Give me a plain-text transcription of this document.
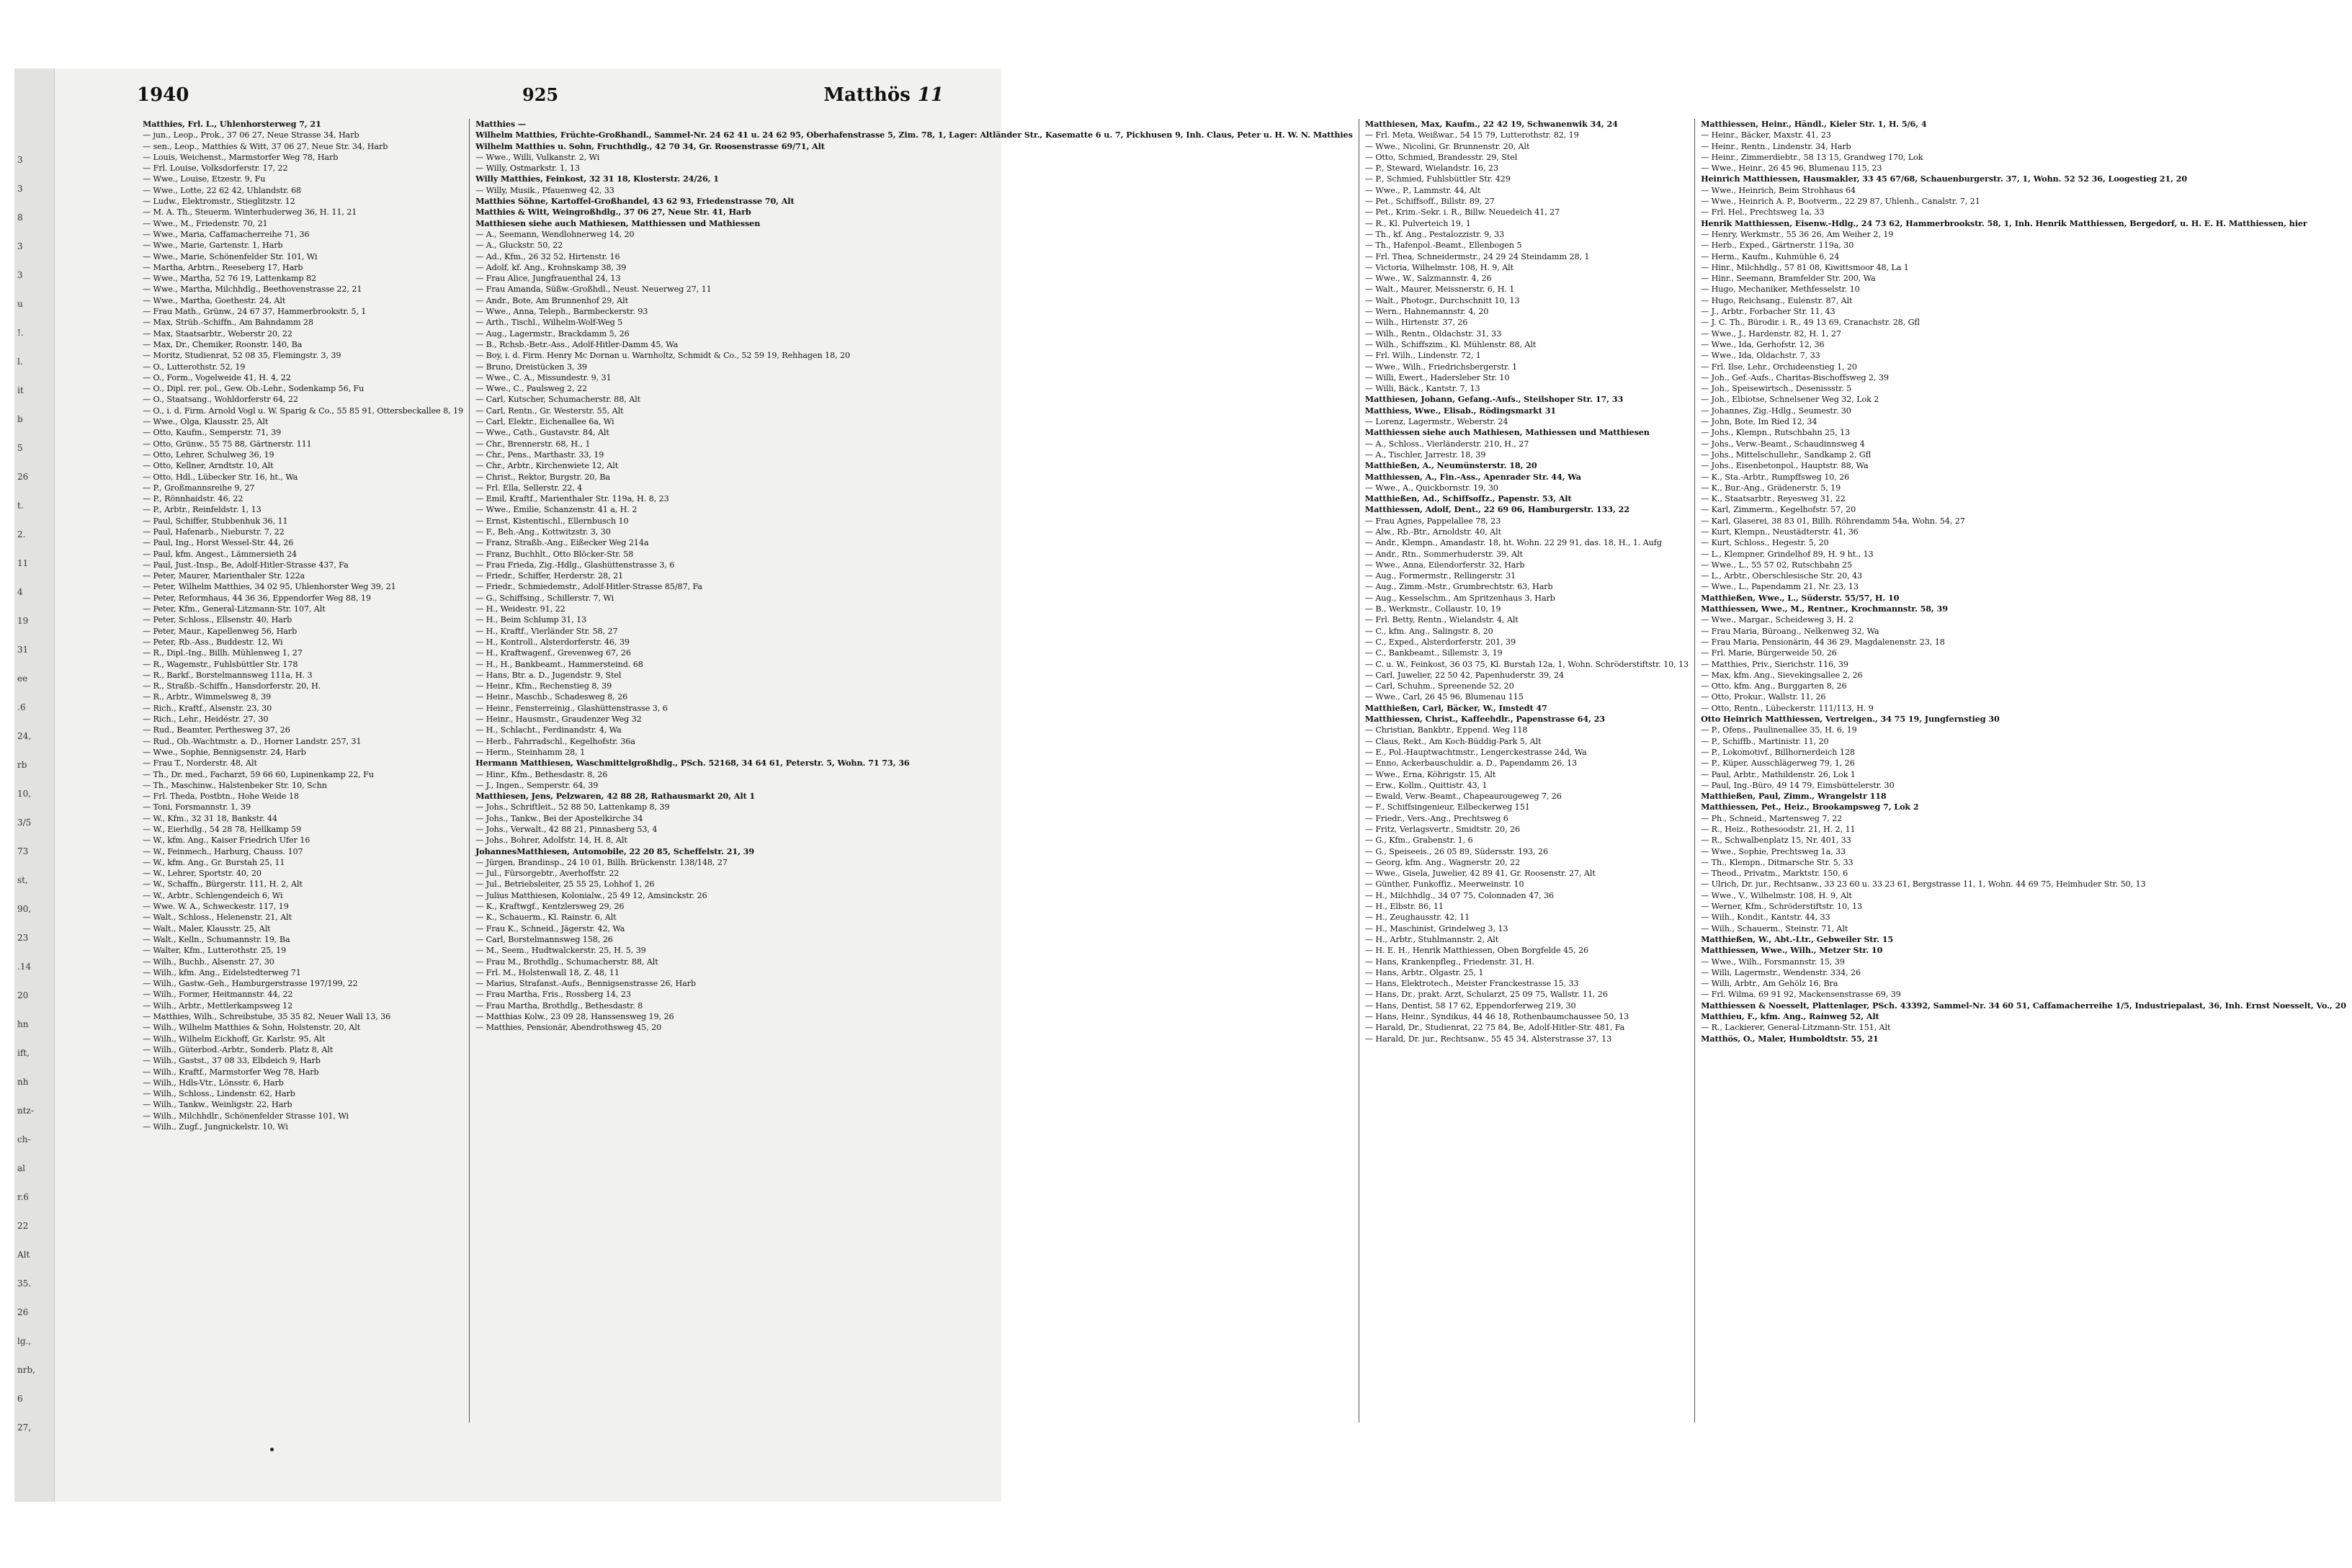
3
3
8
3
3
u
!.
l.
it
b
5
26
t.
2.
11
4
19
31
ee
.6
24,
rb
10,
3/5
73
st,
90,
23
.14
20
hn
ift,
nh
ntz-
ch-
al
r.6
22
Alt
35.
26
lg.,
nrb,
6
27,
1940	925	Matthös 11
Matthies, Frl. L., Uhlenhorsterweg 7, 21
— jun., Leop., Prok., 37 06 27, Neue Strasse 34, Harb
— sen., Leop., Matthies & Witt, 37 06 27, Neue Str. 34, Harb
— Louis, Weichenst., Marmstorfer Weg 78, Harb
— Frl. Louise, Volksdorferstr. 17, 22
— Wwe., Louise, Etzestr. 9, Fu
— Wwe., Lotte, 22 62 42, Uhlandstr. 68
— Ludw., Elektromstr., Stieglitzstr. 12
— M. A. Th., Steuerm. Winterhuderweg 36, H. 11, 21
— Wwe., M., Friedenstr. 70, 21
— Wwe., Maria, Caffamacherreihe 71, 36
— Wwe., Marie, Gartenstr. 1, Harb
— Wwe., Marie, Schönenfelder Str. 101, Wi
— Martha, Arbtrn., Reeseberg 17, Harb
— Wwe., Martha, 52 76 19, Lattenkamp 82
— Wwe., Martha, Milchhdlg., Beethovenstrasse 22, 21
— Wwe., Martha, Goethestr. 24, Alt
— Frau Math., Grünw., 24 67 37, Hammerbrookstr. 5, 1
— Max, Strüb.-Schiffn., Am Bahndamm 28
— Max, Staatsarbtr., Weberstr 20, 22
— Max, Dr., Chemiker, Roonstr. 140, Ba
— Moritz, Studienrat, 52 08 35, Flemingstr. 3, 39
— O., Lutterothstr. 52, 19
— O., Form., Vogelweide 41, H. 4, 22
— O., Dipl. rer. pol., Gew. Ob.-Lehr., Sodenkamp 56, Fu
— O., Staatsang., Wohldorferstr 64, 22
— O., i. d. Firm. Arnold Vogl u. W. Sparig & Co., 55 85 91, Ottersbeckallee 8, 19
— Wwe., Olga, Klausstr. 25, Alt
— Otto, Kaufm., Semperstr. 71, 39
— Otto, Grünw., 55 75 88, Gärtnerstr. 111
— Otto, Lehrer, Schulweg 36, 19
— Otto, Kellner, Arndtstr. 10, Alt
— Otto, Hdl., Lübecker Str. 16, ht., Wa
— P., Großmannsreihe 9, 27
— P., Rönnhaidstr. 46, 22
— P., Arbtr., Reinfeldstr. 1, 13
— Paul, Schiffer, Stubbenhuk 36, 11
— Paul, Hafenarb., Nieburstr. 7, 22
— Paul, Ing., Horst Wessel-Str. 44, 26
— Paul, kfm. Angest., Lämmersieth 24
— Paul, Just.-Insp., Be, Adolf-Hitler-Strasse 437, Fa
— Peter, Maurer, Marienthaler Str. 122a
— Peter, Wilhelm Matthies, 34 02 95, Uhlenhorster Weg 39, 21
— Peter, Reformhaus, 44 36 36, Eppendorfer Weg 88, 19
— Peter, Kfm., General-Litzmann-Str. 107, Alt
— Peter, Schloss., Ellsenstr. 40, Harb
— Peter, Maur., Kapellenweg 56, Harb
— Peter, Rb.-Ass., Buddestr. 12, Wi
— R., Dipl.-Ing., Billh. Mühlenweg 1, 27
— R., Wagemstr., Fuhlsbüttler Str. 178
— R., Barkf., Borstelmannsweg 111a, H. 3
— R., Straßb.-Schiffn., Hansdorferstr. 20, H.
— R., Arbtr., Wimmelsweg 8, 39
— Rich., Kraftf., Alsenstr. 23, 30
— Rich., Lehr., Heidéstr. 27, 30
— Rud., Beamter, Perthesweg 37, 26
— Rud., Ob.-Wachtmstr. a. D., Horner Landstr. 257, 31
— Wwe., Sophie, Bennigsenstr. 24, Harb
— Frau T., Norderstr. 48, Alt
— Th., Dr. med., Facharzt, 59 66 60, Lupinenkamp 22, Fu
— Th., Maschinw., Halstenbeker Str. 10, Schn
— Frl. Theda, Postbtn., Hohe Weide 18
— Toni, Forsmannstr. 1, 39
— W., Kfm., 32 31 18, Bankstr. 44
— W., Eierhdlg., 54 28 78, Hellkamp 59
— W., kfm. Ang., Kaiser Friedrich Ufer 16
— W., Feinmech., Harburg, Chauss. 107
— W., kfm. Ang., Gr. Burstah 25, 11
— W., Lehrer, Sportstr. 40, 20
— W., Schaffn., Bürgerstr. 111, H. 2, Alt
— W., Arbtr., Schlengendeich 6, Wi
— Wwe. W. A., Schweckestr. 117, 19
— Walt., Schloss., Helenenstr. 21, Alt
— Walt., Maler, Klausstr. 25, Alt
— Walt., Kelln., Schumannstr. 19, Ba
— Walter, Kfm., Lutterothstr. 25, 19
— Wilh., Buchb., Alsenstr. 27, 30
— Wilh., kfm. Ang., Eidelstedterweg 71
— Wilh., Gastw.-Geh., Hamburgerstrasse 197/199, 22
— Wilh., Former, Heitmannstr. 44, 22
— Wilh., Arbtr., Mettlerkampsweg 12
— Matthies, Wilh., Schreibstube, 35 35 82, Neuer Wall 13, 36
— Wilh., Wilhelm Matthies & Sohn, Holstenstr. 20, Alt
— Wilh., Wilhelm Eickhoff, Gr. Karlstr. 95, Alt
— Wilh., Güterbod.-Arbtr., Sonderb. Platz 8, Alt
— Wilh., Gastst., 37 08 33, Elbdeich 9, Harb
— Wilh., Kraftf., Marmstorfer Weg 78, Harb
— Wilh., Hdls-Vtr., Lönsstr. 6, Harb
— Wilh., Schloss., Lindenstr. 62, Harb
— Wilh., Tankw., Weinligstr. 22, Harb
— Wilh., Milchhdlr., Schönenfelder Strasse 101, Wi
— Wilh., Zugf., Jungnickelstr. 10, Wi
Matthies —
Wilhelm Matthies, Früchte-Großhandl., Sammel-Nr. 24 62 41 u. 24 62 95, Oberhafenstrasse 5, Zim. 78, 1, Lager: Altländer Str., Kasematte 6 u. 7, Pickhusen 9, Inh. Claus, Peter u. H. W. N. Matthies
Wilhelm Matthies u. Sohn, Fruchthdlg., 42 70 34, Gr. Roosenstrasse 69/71, Alt
— Wwe., Willi, Vulkanstr. 2, Wi
— Willy, Ostmarkstr. 1, 13
Willy Matthies, Feinkost, 32 31 18, Klosterstr. 24/26, 1
— Willy, Musik., Pfauenweg 42, 33
Matthies Söhne, Kartoffel-Großhandel, 43 62 93, Friedenstrasse 70, Alt
Matthies & Witt, Weingroßhdlg., 37 06 27, Neue Str. 41, Harb
Matthiesen siehe auch Mathiesen, Matthiessen und Mathiessen
— A., Seemann, Wendlohnerweg 14, 20
— A., Gluckstr. 50, 22
— Ad., Kfm., 26 32 52, Hirtenstr. 16
— Adolf, kf. Ang., Krohnskamp 38, 39
— Frau Alice, Jungfrauenthal 24, 13
— Frau Amanda, Süßw.-Großhdl., Neust. Neuerweg 27, 11
— Andr., Bote, Am Brunnenhof 29, Alt
— Wwe., Anna, Teleph., Barmbeckerstr. 93
— Arth., Tischl., Wilhelm-Wolf-Weg 5
— Aug., Lagermstr., Brackdamm 5, 26
— B., Rchsb.-Betr.-Ass., Adolf-Hitler-Damm 45, Wa
— Boy, i. d. Firm. Henry Mc Dornan u. Warnholtz, Schmidt & Co., 52 59 19, Rehhagen 18, 20
— Bruno, Dreistücken 3, 39
— Wwe., C. A., Missundestr. 9, 31
— Wwe., C., Paulsweg 2, 22
— Carl, Kutscher, Schumacherstr. 88, Alt
— Carl, Rentn., Gr. Westerstr. 55, Alt
— Carl, Elektr., Eichenallee 6a, Wi
— Wwe., Cath., Gustavstr. 84, Alt
— Chr., Brennerstr. 68, H., 1
— Chr., Pens., Marthastr. 33, 19
— Chr., Arbtr., Kirchenwiete 12, Alt
— Christ., Rektor, Burgstr. 20, Ba
— Frl. Ella, Sellerstr. 22, 4
— Emil, Kraftf., Marienthaler Str. 119a, H. 8, 23
— Wwe., Emilie, Schanzenstr. 41 a, H. 2
— Ernst, Kistentischl., Ellernbusch 10
— F., Beh.-Ang., Kottwitzstr. 3, 30
— Franz, Straßb.-Ang., Eißecker Weg 214a
— Franz, Buchhlt., Otto Blöcker-Str. 58
— Frau Frieda, Zig.-Hdlg., Glashüttenstrasse 3, 6
— Friedr., Schiffer, Herderstr. 28, 21
— Friedr., Schmiedemstr., Adolf-Hitler-Strasse 85/87, Fa
— G., Schiffsing., Schillerstr. 7, Wi
— H., Weidestr. 91, 22
— H., Beim Schlump 31, 13
— H., Kraftf., Vierländer Str. 58, 27
— H., Kontroll., Alsterdorferstr. 46, 39
— H., Kraftwagenf., Grevenweg 67, 26
— H., H., Bankbeamt., Hammersteind. 68
— Hans, Btr. a. D., Jugendstr. 9, Stel
— Heinr., Kfm., Rechenstieg 8, 39
— Heinr., Maschb., Schadesweg 8, 26
— Heinr., Fensterreinig., Glashüttenstrasse 3, 6
— Heinr., Hausmstr., Graudenzer Weg 32
— H., Schlacht., Ferdinandstr. 4, Wa
— Herb., Fahrradschl., Kegelhofstr. 36a
— Herm., Steinhamm 28, 1
Hermann Matthiesen, Waschmittelgroßhdlg., PSch. 52168, 34 64 61, Peterstr. 5, Wohn. 71 73, 36
— Hinr., Kfm., Bethesdastr. 8, 26
— J., Ingen., Semperstr. 64, 39
Matthiesen, Jens, Pelzwaren, 42 88 28, Rathausmarkt 20, Alt 1
— Johs., Schriftleit., 52 88 50, Lattenkamp 8, 39
— Johs., Tankw., Bei der Apostelkirche 34
— Johs., Verwalt., 42 88 21, Pinnasberg 53, 4
— Johs., Bohrer, Adolfstr. 14, H. 8, Alt
JohannesMatthiesen, Automobile, 22 20 85, Scheffelstr. 21, 39
— Jürgen, Brandinsp., 24 10 01, Billh. Brückenstr. 138/148, 27
— Jul., Fürsorgebtr., Averhoffstr. 22
— Jul., Betriebsleiter, 25 55 25, Lohhof 1, 26
— Julius Matthiesen, Kolonialw., 25 49 12, Amsinckstr. 26
— K., Kraftwgf., Kentzlersweg 29, 26
— K., Schauerm., Kl. Rainstr. 6, Alt
— Frau K., Schneid., Jägerstr. 42, Wa
— Carl, Borstelmannsweg 158, 26
— M., Seem., Hudtwalckerstr. 25, H. 5, 39
— Frau M., Brothdlg., Schumacherstr. 88, Alt
— Frl. M., Holstenwall 18, Z. 48, 11
— Marius, Strafanst.-Aufs., Bennigsenstrasse 26, Harb
— Frau Martha, Fris., Rossberg 14, 23
— Frau Martha, Brothdlg., Bethesdastr. 8
— Matthias Kolw., 23 09 28, Hanssensweg 19, 26
— Matthies, Pensionär, Abendrothsweg 45, 20
Matthiesen, Max, Kaufm., 22 42 19, Schwanenwik 34, 24
— Frl. Meta, Weißwar., 54 15 79, Lutterothstr. 82, 19
— Wwe., Nicolini, Gr. Brunnenstr. 20, Alt
— Otto, Schmied, Brandesstr. 29, Stel
— P., Steward, Wielandstr. 16, 23
— P., Schmied, Fuhlsbüttler Str. 429
— Wwe., P., Lammstr. 44, Alt
— Pet., Schiffsoff., Billstr. 89, 27
— Pet., Krim.-Sekr. i. R., Billw. Neuedeich 41, 27
— R., Kl. Pulverteich 19, 1
— Th., kf. Ang., Pestalozzistr. 9, 33
— Th., Hafenpol.-Beamt., Ellenbogen 5
— Frl. Thea, Schneidermstr., 24 29 24 Steindamm 28, 1
— Victoria, Wilhelmstr. 108, H. 9, Alt
— Wwe., W., Salzmannstr. 4, 26
— Walt., Maurer, Meissnerstr. 6, H. 1
— Walt., Photogr., Durchschnitt 10, 13
— Wern., Hahnemannstr. 4, 20
— Wilh., Hirtenstr. 37, 26
— Wilh., Rentn., Oldachstr. 31, 33
— Wilh., Schiffszim., Kl. Mühlenstr. 88, Alt
— Frl. Wilh., Lindenstr. 72, 1
— Wwe., Wilh., Friedrichsbergerstr. 1
— Willi, Ewert., Hadersleber Str. 10
— Willi, Bäck., Kantstr. 7, 13
Matthiesen, Johann, Gefang.-Aufs., Steilshoper Str. 17, 33
Matthiess, Wwe., Elisab., Rödingsmarkt 31
— Lorenz, Lagermstr., Weberstr. 24
Matthiessen siehe auch Mathiesen, Mathiessen und Matthiesen
— A., Schloss., Vierländerstr. 210, H., 27
— A., Tischler, Jarrestr. 18, 39
Matthießen, A., Neumünsterstr. 18, 20
Matthiessen, A., Fin.-Ass., Apenrader Str. 44, Wa
— Wwe., A., Quickbornstr. 19, 30
Matthießen, Ad., Schiffsoffz., Papenstr. 53, Alt
Matthiessen, Adolf, Dent., 22 69 06, Hamburgerstr. 133, 22
— Frau Agnes, Pappelallee 78, 23
— Alw., Rb.-Btr., Arnoldstr. 40, Alt
— Andr., Klempn., Amandastr. 18, ht. Wohn. 22 29 91, das. 18, H., 1. Aufg
— Andr., Rtn., Sommerhuderstr. 39, Alt
— Wwe., Anna, Eilendorferstr. 32, Harb
— Aug., Formermstr., Rellingerstr. 31
— Aug., Zimm.-Mstr., Grumbrechtstr. 63, Harb
— Aug., Kesselschm., Am Spritzenhaus 3, Harb
— B., Werkmstr., Collaustr. 10, 19
— Frl. Betty, Rentn., Wielandstr. 4, Alt
— C., kfm. Ang., Salingstr. 8, 20
— C., Exped., Alsterdorferstr. 201, 39
— C., Bankbeamt., Sillemstr. 3, 19
— C. u. W., Feinkost, 36 03 75, Kl. Burstah 12a, 1, Wohn. Schröderstiftstr. 10, 13
— Carl, Juwelier, 22 50 42, Papenhuderstr. 39, 24
— Carl, Schuhm., Spreenende 52, 20
— Wwe., Carl, 26 45 96, Blumenau 115
Matthießen, Carl, Bäcker, W., Imstedt 47
Matthiessen, Christ., Kaffeehdlr., Papenstrasse 64, 23
— Christian, Bankbtr., Eppend. Weg 118
— Claus, Rekt., Am Koch-Büddig-Park 5, Alt
— E., Pol.-Hauptwachtmstr., Lengerckestrasse 24d, Wa
— Enno, Ackerbauschuldir. a. D., Papendamm 26, 13
— Wwe., Erna, Köhrigstr. 15, Alt
— Erw., Kollm., Quittistr. 43, 1
— Ewald, Verw.-Beamt., Chapeaurougeweg 7, 26
— F., Schiffsingenieur, Eilbeckerweg 151
— Friedr., Vers.-Ang., Prechtsweg 6
— Fritz, Verlagsvertr., Smidtstr. 20, 26
— G., Kfm., Grabenstr. 1, 6
— G., Speiseeis., 26 05 89, Südersstr. 193, 26
— Georg, kfm. Ang., Wagnerstr. 20, 22
— Wwe., Gisela, Juwelier, 42 89 41, Gr. Roosenstr. 27, Alt
— Günther, Funkoffiz., Meerweinstr. 10
— H., Milchhdlg., 34 07 75, Colonnaden 47, 36
— H., Elbstr. 86, 11
— H., Zeughausstr. 42, 11
— H., Maschinist, Grindelweg 3, 13
— H., Arbtr., Stuhlmannstr. 2, Alt
— H. E. H., Henrik Matthiessen, Oben Borgfelde 45, 26
— Hans, Krankenpfleg., Friedenstr. 31, H.
— Hans, Arbtr., Olgastr. 25, 1
— Hans, Elektrotech., Meister Franckestrasse 15, 33
— Hans, Dr., prakt. Arzt, Schularzt, 25 09 75, Wallstr. 11, 26
— Hans, Dentist, 58 17 62, Eppendorferweg 219, 30
— Hans, Heinr., Syndikus, 44 46 18, Rothenbaumchaussee 50, 13
— Harald, Dr., Studienrat, 22 75 84, Be, Adolf-Hitler-Str. 481, Fa
— Harald, Dr. jur., Rechtsanw., 55 45 34, Alsterstrasse 37, 13
Matthiessen, Heinr., Händl., Kieler Str. 1, H. 5/6, 4
— Heinr., Bäcker, Maxstr. 41, 23
— Heinr., Rentn., Lindenstr. 34, Harb
— Heinr., Zimmerdiebtr., 58 13 15, Grandweg 170, Lok
— Wwe., Heinr., 26 45 96, Blumenau 115, 23
Heinrich Matthiessen, Hausmakler, 33 45 67/68, Schauenburgerstr. 37, 1, Wohn. 52 52 36, Loogestieg 21, 20
— Wwe., Heinrich, Beim Strohhaus 64
— Wwe., Heinrich A. P., Bootverm., 22 29 87, Uhlenh., Canalstr. 7, 21
— Frl. Hel., Prechtsweg 1a, 33
Henrik Matthiessen, Eisenw.-Hdlg., 24 73 62, Hammerbrookstr. 58, 1, Inh. Henrik Matthiessen, Bergedorf, u. H. E. H. Matthiessen, hier
— Henry, Werkmstr., 55 36 26, Am Weiher 2, 19
— Herb., Exped., Gärtnerstr. 119a, 30
— Herm., Kaufm., Kuhmühle 6, 24
— Hinr., Milchhdlg., 57 81 08, Kiwittsmoor 48, La 1
— Hinr., Seemann, Bramfelder Str. 200, Wa
— Hugo, Mechaniker, Methfesselstr. 10
— Hugo, Reichsang., Eulenstr. 87, Alt
— J., Arbtr., Forbacher Str. 11, 43
— J. C. Th., Bürodir. i. R., 49 13 69, Cranachstr. 28, Gfl
— Wwe., J., Hardenstr. 82, H. 1, 27
— Wwe., Ida, Gerhofstr. 12, 36
— Wwe., Ida, Oldachstr. 7, 33
— Frl. Ilse, Lehr., Orchideenstieg 1, 20
— Joh., Gef.-Aufs., Charitas-Bischoffsweg 2, 39
— Joh., Speisewirtsch., Desenissstr. 5
— Joh., Elbiotse, Schnelsener Weg 32, Lok 2
— Johannes, Zig.-Hdlg., Seumestr. 30
— John, Bote, Im Ried 12, 34
— Johs., Klempn., Rutschbahn 25, 13
— Johs., Verw.-Beamt., Schaudinnsweg 4
— Johs., Mittelschullehr., Sandkamp 2, Gfl
— Johs., Eisenbetonpol., Hauptstr. 88, Wa
— K., Sta.-Arbtr., Rumpffsweg 10, 26
— K., Bur.-Ang., Grädenerstr. 5, 19
— K., Staatsarbtr., Reyesweg 31, 22
— Karl, Zimmerm., Kegelhofstr. 57, 20
— Karl, Glaserei, 38 83 01, Billh. Röhrendamm 54a, Wohn. 54, 27
— Kurt, Klempn., Neustädterstr. 41, 36
— Kurt, Schloss., Hegestr. 5, 20
— L., Klempner, Grindelhof 89, H. 9 ht., 13
— Wwe., L., 55 57 02, Rutschbahn 25
— L., Arbtr., Oberschlesische Str. 20, 43
— Wwe., L., Papendamm 21, Nr. 23, 13
Matthießen, Wwe., L., Süderstr. 55/57, H. 10
Matthiessen, Wwe., M., Rentner., Krochmannstr. 58, 39
— Wwe., Margar., Scheideweg 3, H. 2
— Frau Maria, Büroang., Nelkenweg 32, Wa
— Frau Maria, Pensionärin, 44 36 29, Magdalenenstr. 23, 18
— Frl. Marie, Bürgerweide 50, 26
— Matthies, Priv., Sierichstr. 116, 39
— Max, kfm. Ang., Sievekingsallee 2, 26
— Otto, kfm. Ang., Burggarten 8, 26
— Otto, Prokur., Wallstr. 11, 26
— Otto, Rentn., Lübeckerstr. 111/113, H. 9
Otto Heinrich Matthiessen, Vertreigen., 34 75 19, Jungfernstieg 30
— P., Ofens., Paulinenallee 35, H. 6, 19
— P., Schiffb., Martinistr. 11, 20
— P., Lokomotivf., Billhornerdeich 128
— P., Küper, Ausschlägerweg 79, 1, 26
— Paul, Arbtr., Mathildenstr. 26, Lok 1
— Paul, Ing.-Büro, 49 14 79, Eimsbüttelerstr. 30
Matthießen, Paul, Zimm., Wrangelstr 118
Matthiessen, Pet., Heiz., Brookampsweg 7, Lok 2
— Ph., Schneid., Martensweg 7, 22
— R., Heiz., Rothesoodstr. 21, H. 2, 11
— R., Schwalbenplatz 15, Nr. 401, 33
— Wwe., Sophie, Prechtsweg 1a, 33
— Th., Klempn., Ditmarsche Str. 5, 33
— Theod., Privatm., Marktstr. 150, 6
— Ulrich, Dr. jur., Rechtsanw., 33 23 60 u. 33 23 61, Bergstrasse 11, 1, Wohn. 44 69 75, Heimhuder Str. 50, 13
— Wwe., V., Wilhelmstr. 108, H. 9, Alt
— Werner, Kfm., Schröderstiftstr. 10, 13
— Wilh., Kondit., Kantstr. 44, 33
— Wilh., Schauerm., Steinstr. 71, Alt
Matthießen, W., Abt.-Ltr., Gebweiler Str. 15
Matthiessen, Wwe., Wilh., Metzer Str. 10
— Wwe., Wilh., Forsmannstr. 15, 39
— Willi, Lagermstr., Wendenstr. 334, 26
— Willi, Arbtr., Am Gehölz 16, Bra
— Frl. Wilma, 69 91 92, Mackensenstrasse 69, 39
Matthiessen & Noesselt, Plattenlager, PSch. 43392, Sammel-Nr. 34 60 51, Caffamacherreihe 1/5, Industriepalast, 36, Inh. Ernst Noesselt, Vo., 20
Matthieu, F., kfm. Ang., Rainweg 52, Alt
— R., Lackierer, General-Litzmann-Str. 151, Alt
Matthös, O., Maler, Humboldtstr. 55, 21
